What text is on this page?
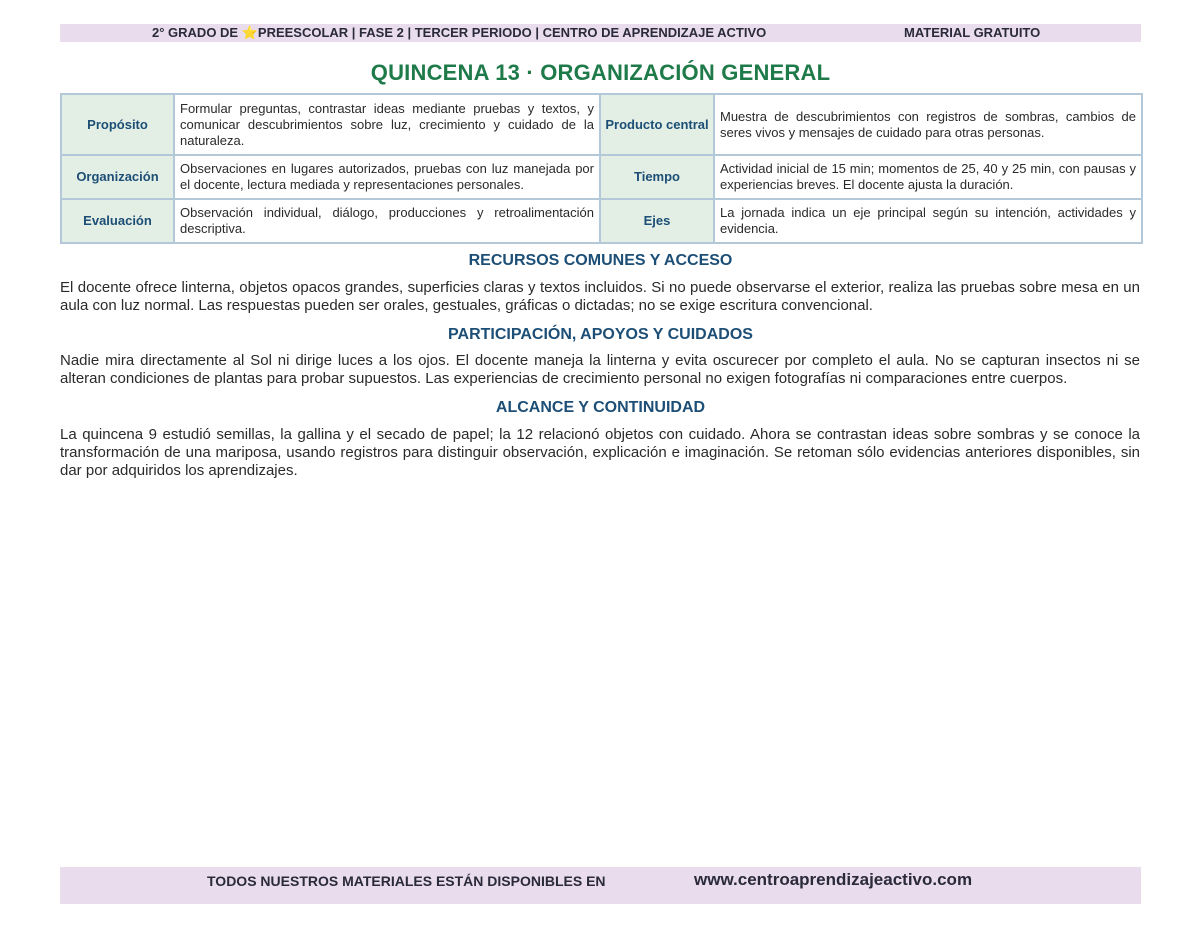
2° GRADO DE ⭐PREESCOLAR | FASE 2 | TERCER PERIODO | CENTRO DE APRENDIZAJE ACTIVO	MATERIAL GRATUITO
QUINCENA 13 · ORGANIZACIÓN GENERAL
Propósito	Formular preguntas, contrastar ideas mediante pruebas y textos, y comunicar descubrimientos sobre luz, crecimiento y cuidado de la naturaleza.	Producto central	Muestra de descubrimientos con registros de sombras, cambios de seres vivos y mensajes de cuidado para otras personas.
Organización	Observaciones en lugares autorizados, pruebas con luz manejada por el docente, lectura mediada y representaciones personales.	Tiempo	Actividad inicial de 15 min; momentos de 25, 40 y 25 min, con pausas y experiencias breves. El docente ajusta la duración.
Evaluación	Observación individual, diálogo, producciones y retroalimentación descriptiva.	Ejes	La jornada indica un eje principal según su intención, actividades y evidencia.
RECURSOS COMUNES Y ACCESO
El docente ofrece linterna, objetos opacos grandes, superficies claras y textos incluidos. Si no puede observarse el exterior, realiza las pruebas sobre mesa en un aula con luz normal. Las respuestas pueden ser orales, gestuales, gráficas o dictadas; no se exige escritura convencional.
PARTICIPACIÓN, APOYOS Y CUIDADOS
Nadie mira directamente al Sol ni dirige luces a los ojos. El docente maneja la linterna y evita oscurecer por completo el aula. No se capturan insectos ni se alteran condiciones de plantas para probar supuestos. Las experiencias de crecimiento personal no exigen fotografías ni comparaciones entre cuerpos.
ALCANCE Y CONTINUIDAD
La quincena 9 estudió semillas, la gallina y el secado de papel; la 12 relacionó objetos con cuidado. Ahora se contrastan ideas sobre sombras y se conoce la transformación de una mariposa, usando registros para distinguir observación, explicación e imaginación. Se retoman sólo evidencias anteriores disponibles, sin dar por adquiridos los aprendizajes.
TODOS NUESTROS MATERIALES ESTÁN DISPONIBLES EN	www.centroaprendizajeactivo.com
